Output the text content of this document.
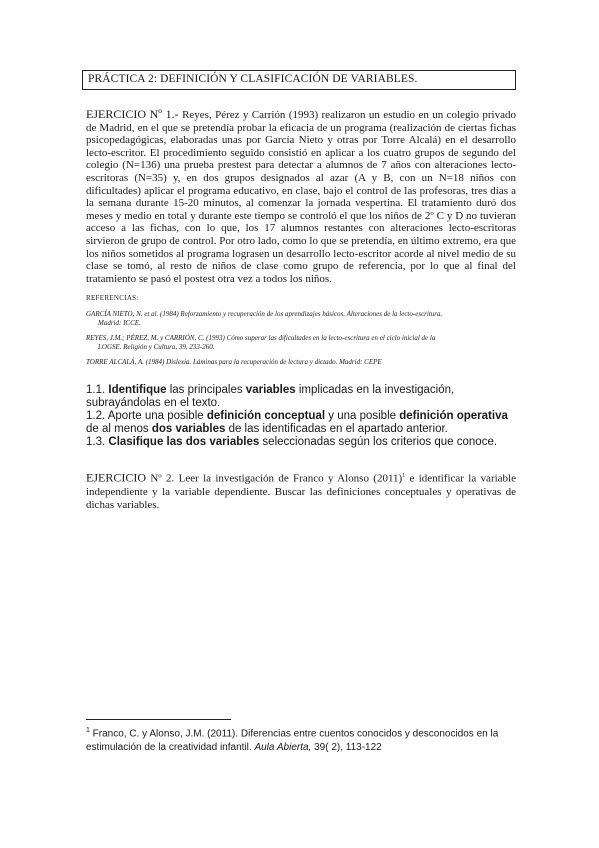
PRÁCTICA 2: DEFINICIÓN Y CLASIFICACIÓN DE VARIABLES.
EJERCICIO Nº 1.- Reyes, Pérez y Carrión (1993) realizaron un estudio en un colegio privado de Madrid, en el que se pretendía probar la eficacia de un programa (realización de ciertas fichas psicopedagógicas, elaboradas unas por García Nieto y otras por Torre Alcalá) en el desarrollo lecto-escritor. El procedimiento seguido consistió en aplicar a los cuatro grupos de segundo del colegio (N=136) una prueba prestest para detectar a alumnos de 7 años con alteraciones lecto-escritoras (N=35) y, en dos grupos designados al azar (A y B, con un N=18 niños con dificultades) aplicar el programa educativo, en clase, bajo el control de las profesoras, tres días a la semana durante 15-20 minutos, al comenzar la jornada vespertina. El tratamiento duró dos meses y medio en total y durante este tiempo se controló el que los niños de 2º C y D no tuvieran acceso a las fichas, con lo que, los 17 alumnos restantes con alteraciones lecto-escritoras sirvieron de grupo de control. Por otro lado, como lo que se pretendía, en último extremo, era que los niños sometidos al programa lograsen un desarrollo lecto-escritor acorde al nivel medio de su clase se tomó, al resto de niños de clase como grupo de referencia, por lo que al final del tratamiento se pasó el postest otra vez a todos los niños.
REFERENCIAS:
GARCÍA NIETO, N. et al. (1984) Reforzamiento y recuperación de los aprendizajes básicos. Alteraciones de la lecto-escritura.
Madrid: ICCE.
REYES, J.M.; PÉREZ, M. y CARRIÓN, C. (1993) Cómo superar las dificultades en la lecto-escritura en el ciclo inicial de la
LOGSE. Religión y Cultura, 39, 233-260.
TORRE ALCALÁ, A. (1984) Dislexia. Láminas para la recuperación de lectura y dictado. Madrid: CEPE

1.1. Identifique las principales variables implicadas en la investigación, subrayándolas en el texto.

1.2. Aporte una posible definición conceptual y una posible definición operativa de al menos dos variables de las identificadas en el apartado anterior.

1.3. Clasifique las dos variables seleccionadas según los criterios que conoce.

EJERCICIO Nº 2. Leer la investigación de Franco y Alonso (2011)$^1$ e identificar la variable independiente y la variable dependiente. Buscar las definiciones conceptuales y operativas de dichas variables.
$^1$ Franco, C. y Alonso, J.M. (2011). Diferencias entre cuentos conocidos y desconocidos en la estimulación de la creatividad infantil. Aula Abierta, 39( 2), 113-122
